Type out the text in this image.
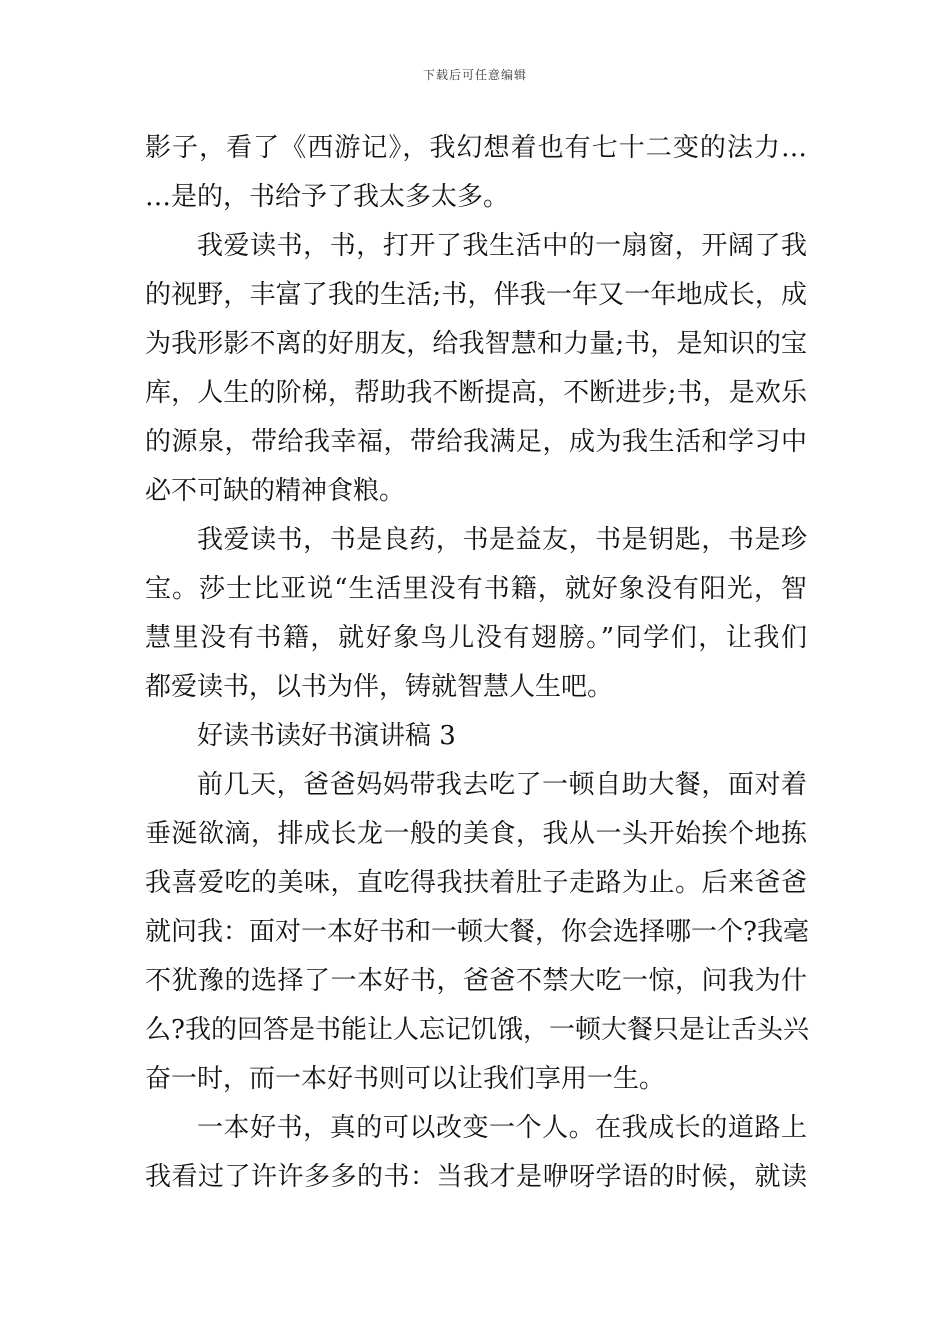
下载后可任意编辑
影子，看了《西游记》，我幻想着也有七十二变的法力…
…是的，书给予了我太多太多。
我爱读书，书，打开了我生活中的一扇窗，开阔了我
的视野，丰富了我的生活;书，伴我一年又一年地成长，成
为我形影不离的好朋友，给我智慧和力量;书，是知识的宝
库，人生的阶梯，帮助我不断提高，不断进步;书，是欢乐
的源泉，带给我幸福，带给我满足，成为我生活和学习中
必不可缺的精神食粮。
我爱读书，书是良药，书是益友，书是钥匙，书是珍
宝。莎士比亚说“生活里没有书籍，就好象没有阳光，智
慧里没有书籍，就好象鸟儿没有翅膀。”同学们，让我们
都爱读书，以书为伴，铸就智慧人生吧。
好读书读好书演讲稿 3
前几天，爸爸妈妈带我去吃了一顿自助大餐，面对着
垂涎欲滴，排成长龙一般的美食，我从一头开始挨个地拣
我喜爱吃的美味，直吃得我扶着肚子走路为止。后来爸爸
就问我：面对一本好书和一顿大餐，你会选择哪一个?我毫
不犹豫的选择了一本好书，爸爸不禁大吃一惊，问我为什
么?我的回答是书能让人忘记饥饿，一顿大餐只是让舌头兴
奋一时，而一本好书则可以让我们享用一生。
一本好书，真的可以改变一个人。在我成长的道路上
我看过了许许多多的书：当我才是咿呀学语的时候，就读
